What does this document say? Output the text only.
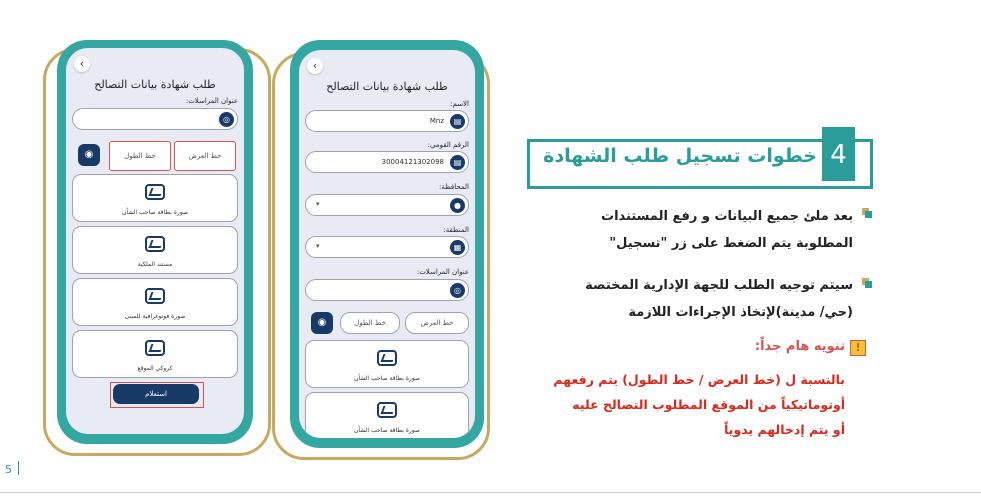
‹
طلب شهادة بيانات التصالح
عنوان المراسلات:
◎
خط العرض
خط الطول
◉
صورة بطاقة صاحب الشأن
مستند الملكية
صورة فوتوغرافية للمبنى
كروكي الموقع
استعلام
‹
طلب شهادة بيانات التصالح
الاسم:
▤
Mnz
الرقم القومي:
▤
30004121302098
المحافظة:
●
▾
المنطقة:
▦
▾
عنوان المراسلات:
◎
خط العرض
خط الطول
◉
صورة بطاقة صاحب الشأن
صورة بطاقة صاحب الشأن
خطوات تسجيل طلب الشهادة 4
بعد ملئ جميع البيانات و رفع المستندات
المطلوبة يتم الضغط على زر "تسجيل"
سيتم توجيه الطلب للجهة الإدارية المختصة
(حي/ مدينة)لإتخاذ الإجراءات اللازمة
!
تنويه هام جداً:
بالنسبة ل (خط العرض / خط الطول) يتم رفعهم
أوتوماتيكياً من الموقع المطلوب التصالح عليه
أو يتم إدخالهم يدوياً
5
